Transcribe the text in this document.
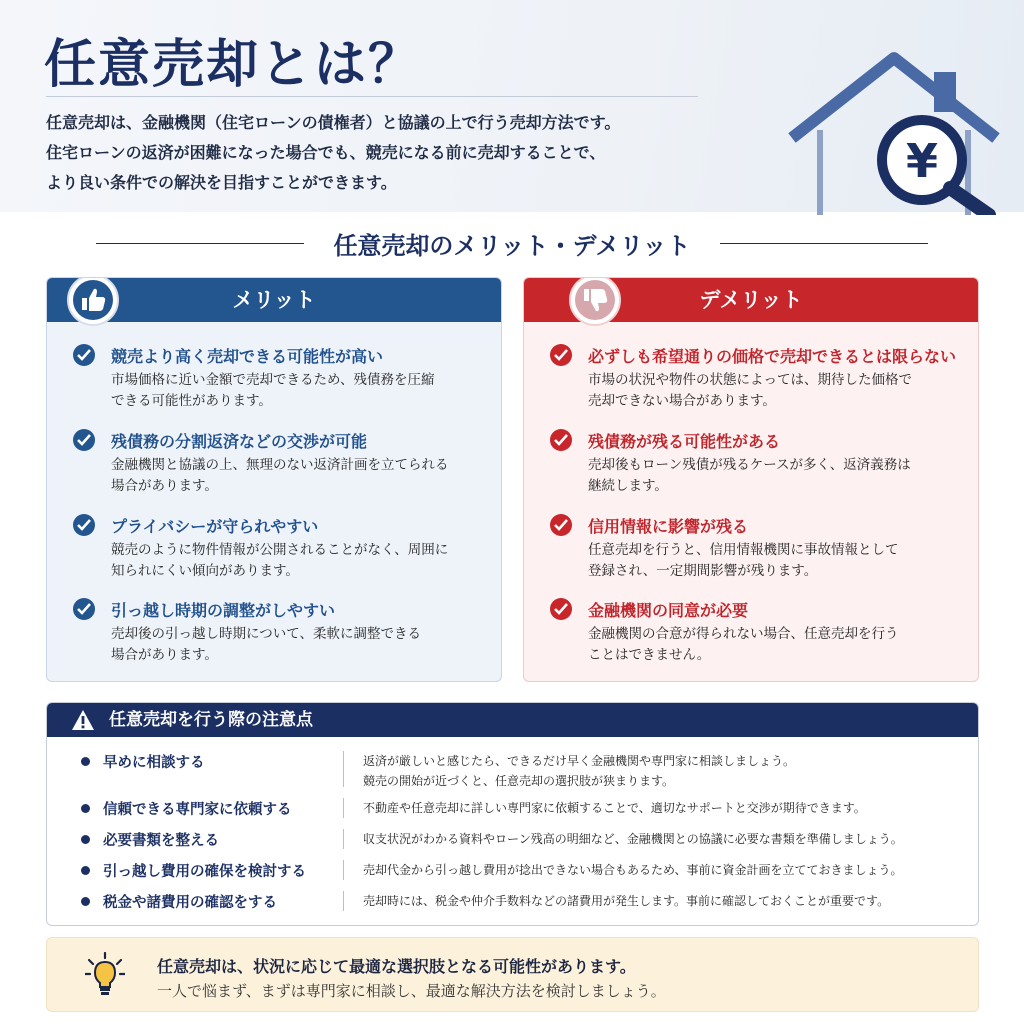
任意売却とは？
任意売却は、金融機関（住宅ローンの債権者）と協議の上で行う売却方法です。
住宅ローンの返済が困難になった場合でも、競売になる前に売却することで、
より良い条件での解決を目指すことができます。	¥
任意売却のメリット・デメリット
メリット
競売より高く売却できる可能性が高い
市場価格に近い金額で売却できるため、残債務を圧縮
できる可能性があります。
残債務の分割返済などの交渉が可能
金融機関と協議の上、無理のない返済計画を立てられる
場合があります。
プライバシーが守られやすい
競売のように物件情報が公開されることがなく、周囲に
知られにくい傾向があります。
引っ越し時期の調整がしやすい
売却後の引っ越し時期について、柔軟に調整できる
場合があります。
デメリット
必ずしも希望通りの価格で売却できるとは限らない
市場の状況や物件の状態によっては、期待した価格で
売却できない場合があります。
残債務が残る可能性がある
売却後もローン残債が残るケースが多く、返済義務は
継続します。
信用情報に影響が残る
任意売却を行うと、信用情報機関に事故情報として
登録され、一定期間影響が残ります。
金融機関の同意が必要
金融機関の合意が得られない場合、任意売却を行う
ことはできません。
任意売却を行う際の注意点
早めに相談する	返済が厳しいと感じたら、できるだけ早く金融機関や専門家に相談しましょう。
競売の開始が近づくと、任意売却の選択肢が狭まります。
信頼できる専門家に依頼する	不動産や任意売却に詳しい専門家に依頼することで、適切なサポートと交渉が期待できます。
必要書類を整える	収支状況がわかる資料やローン残高の明細など、金融機関との協議に必要な書類を準備しましょう。
引っ越し費用の確保を検討する	売却代金から引っ越し費用が捻出できない場合もあるため、事前に資金計画を立てておきましょう。
税金や諸費用の確認をする	売却時には、税金や仲介手数料などの諸費用が発生します。事前に確認しておくことが重要です。
任意売却は、状況に応じて最適な選択肢となる可能性があります。
一人で悩まず、まずは専門家に相談し、最適な解決方法を検討しましょう。
